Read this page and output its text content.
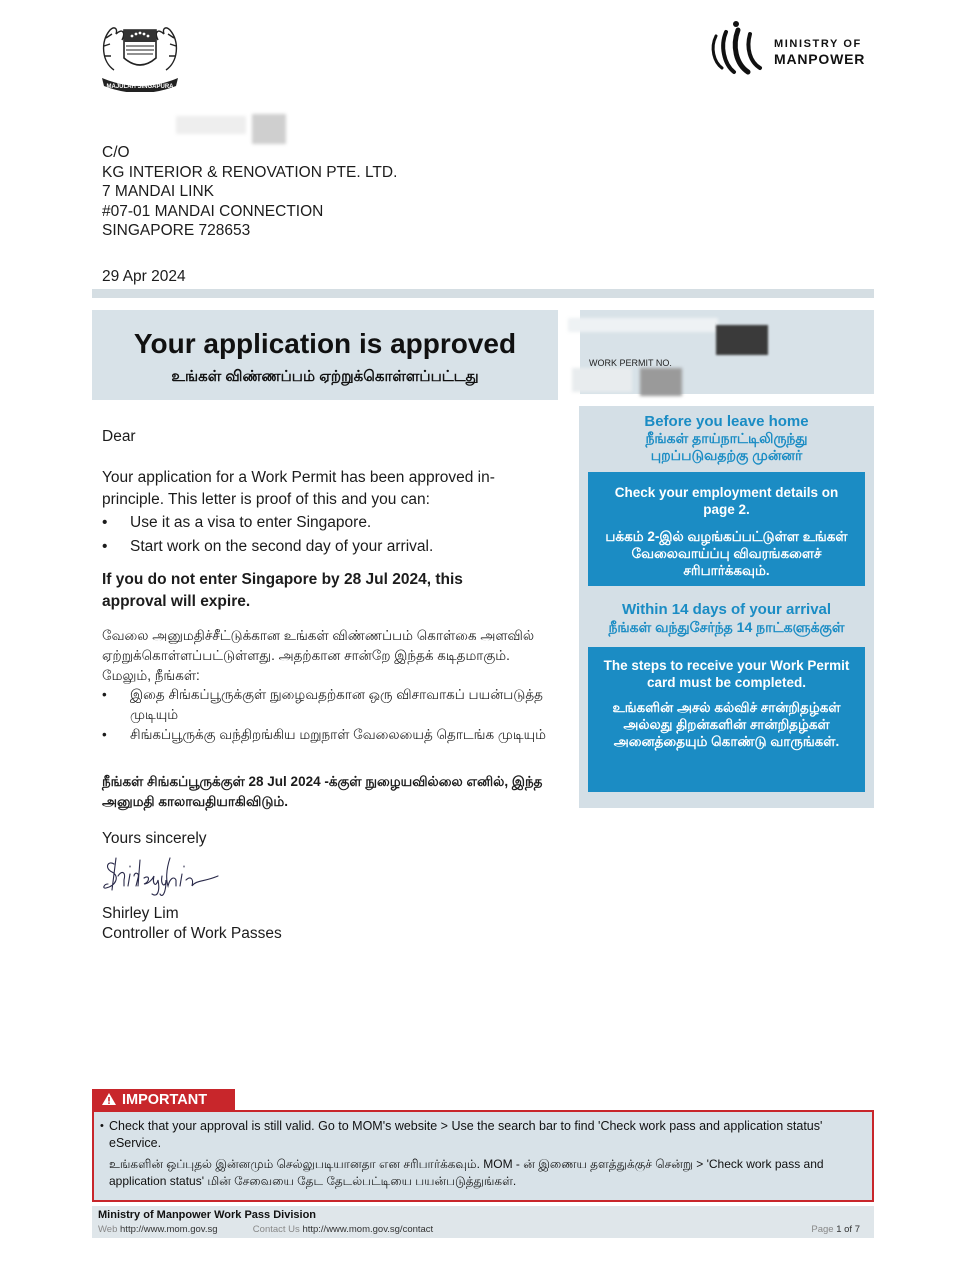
MAJULAH SINGAPURA
MINISTRY OF
MANPOWER
C/O
KG INTERIOR & RENOVATION PTE. LTD.
7 MANDAI LINK
#07-01 MANDAI CONNECTION
SINGAPORE 728653
29 Apr 2024
Your application is approved
உங்கள் விண்ணப்பம் ஏற்றுக்கொள்ளப்பட்டது
WORK PERMIT NO.
Before you leave home
நீங்கள் தாய்நாட்டிலிருந்து
புறப்படுவதற்கு முன்னர்

Check your employment details on page 2.

பக்கம் 2-இல் வழங்கப்பட்டுள்ள உங்கள் வேலைவாய்ப்பு விவரங்களைச் சரிபார்க்கவும்.

Within 14 days of your arrival
நீங்கள் வந்துசேர்ந்த 14 நாட்களுக்குள்

The steps to receive your Work Permit card must be completed.

உங்களின் அசல் கல்விச் சான்றிதழ்கள் அல்லது திறன்களின் சான்றிதழ்கள் அனைத்தையும் கொண்டு வாருங்கள்.

Dear
Your application for a Work Permit has been approved in-principle. This letter is proof of this and you can:
• Use it as a visa to enter Singapore.
• Start work on the second day of your arrival.
If you do not enter Singapore by 28 Jul 2024, this approval will expire.
வேலை அனுமதிச்சீட்டுக்கான உங்கள் விண்ணப்பம் கொள்கை அளவில் ஏற்றுக்கொள்ளப்பட்டுள்ளது. அதற்கான சான்றே இந்தக் கடிதமாகும். மேலும், நீங்கள்:
• இதை சிங்கப்பூருக்குள் நுழைவதற்கான ஒரு விசாவாகப் பயன்படுத்த முடியும்
• சிங்கப்பூருக்கு வந்திறங்கிய மறுநாள் வேலையைத் தொடங்க முடியும்
நீங்கள் சிங்கப்பூருக்குள் 28 Jul 2024 -க்குள் நுழையவில்லை எனில், இந்த அனுமதி காலாவதியாகிவிடும்.
Yours sincerely
Shirley Lim
Controller of Work Passes
IMPORTANT
• Check that your approval is still valid. Go to MOM's website > Use the search bar to find 'Check work pass and application status' eService.
உங்களின் ஒப்புதல் இன்னமும் செல்லுபடியானதா என சரிபார்க்கவும். MOM - ன் இணைய தளத்துக்குச் சென்று > 'Check work pass and application status' மின் சேவையை தேட தேடல்பட்டியை பயன்படுத்துங்கள்.
Ministry of Manpower Work Pass Division
Web http://www.mom.gov.sg	Contact Us http://www.mom.gov.sg/contact	Page 1 of 7
